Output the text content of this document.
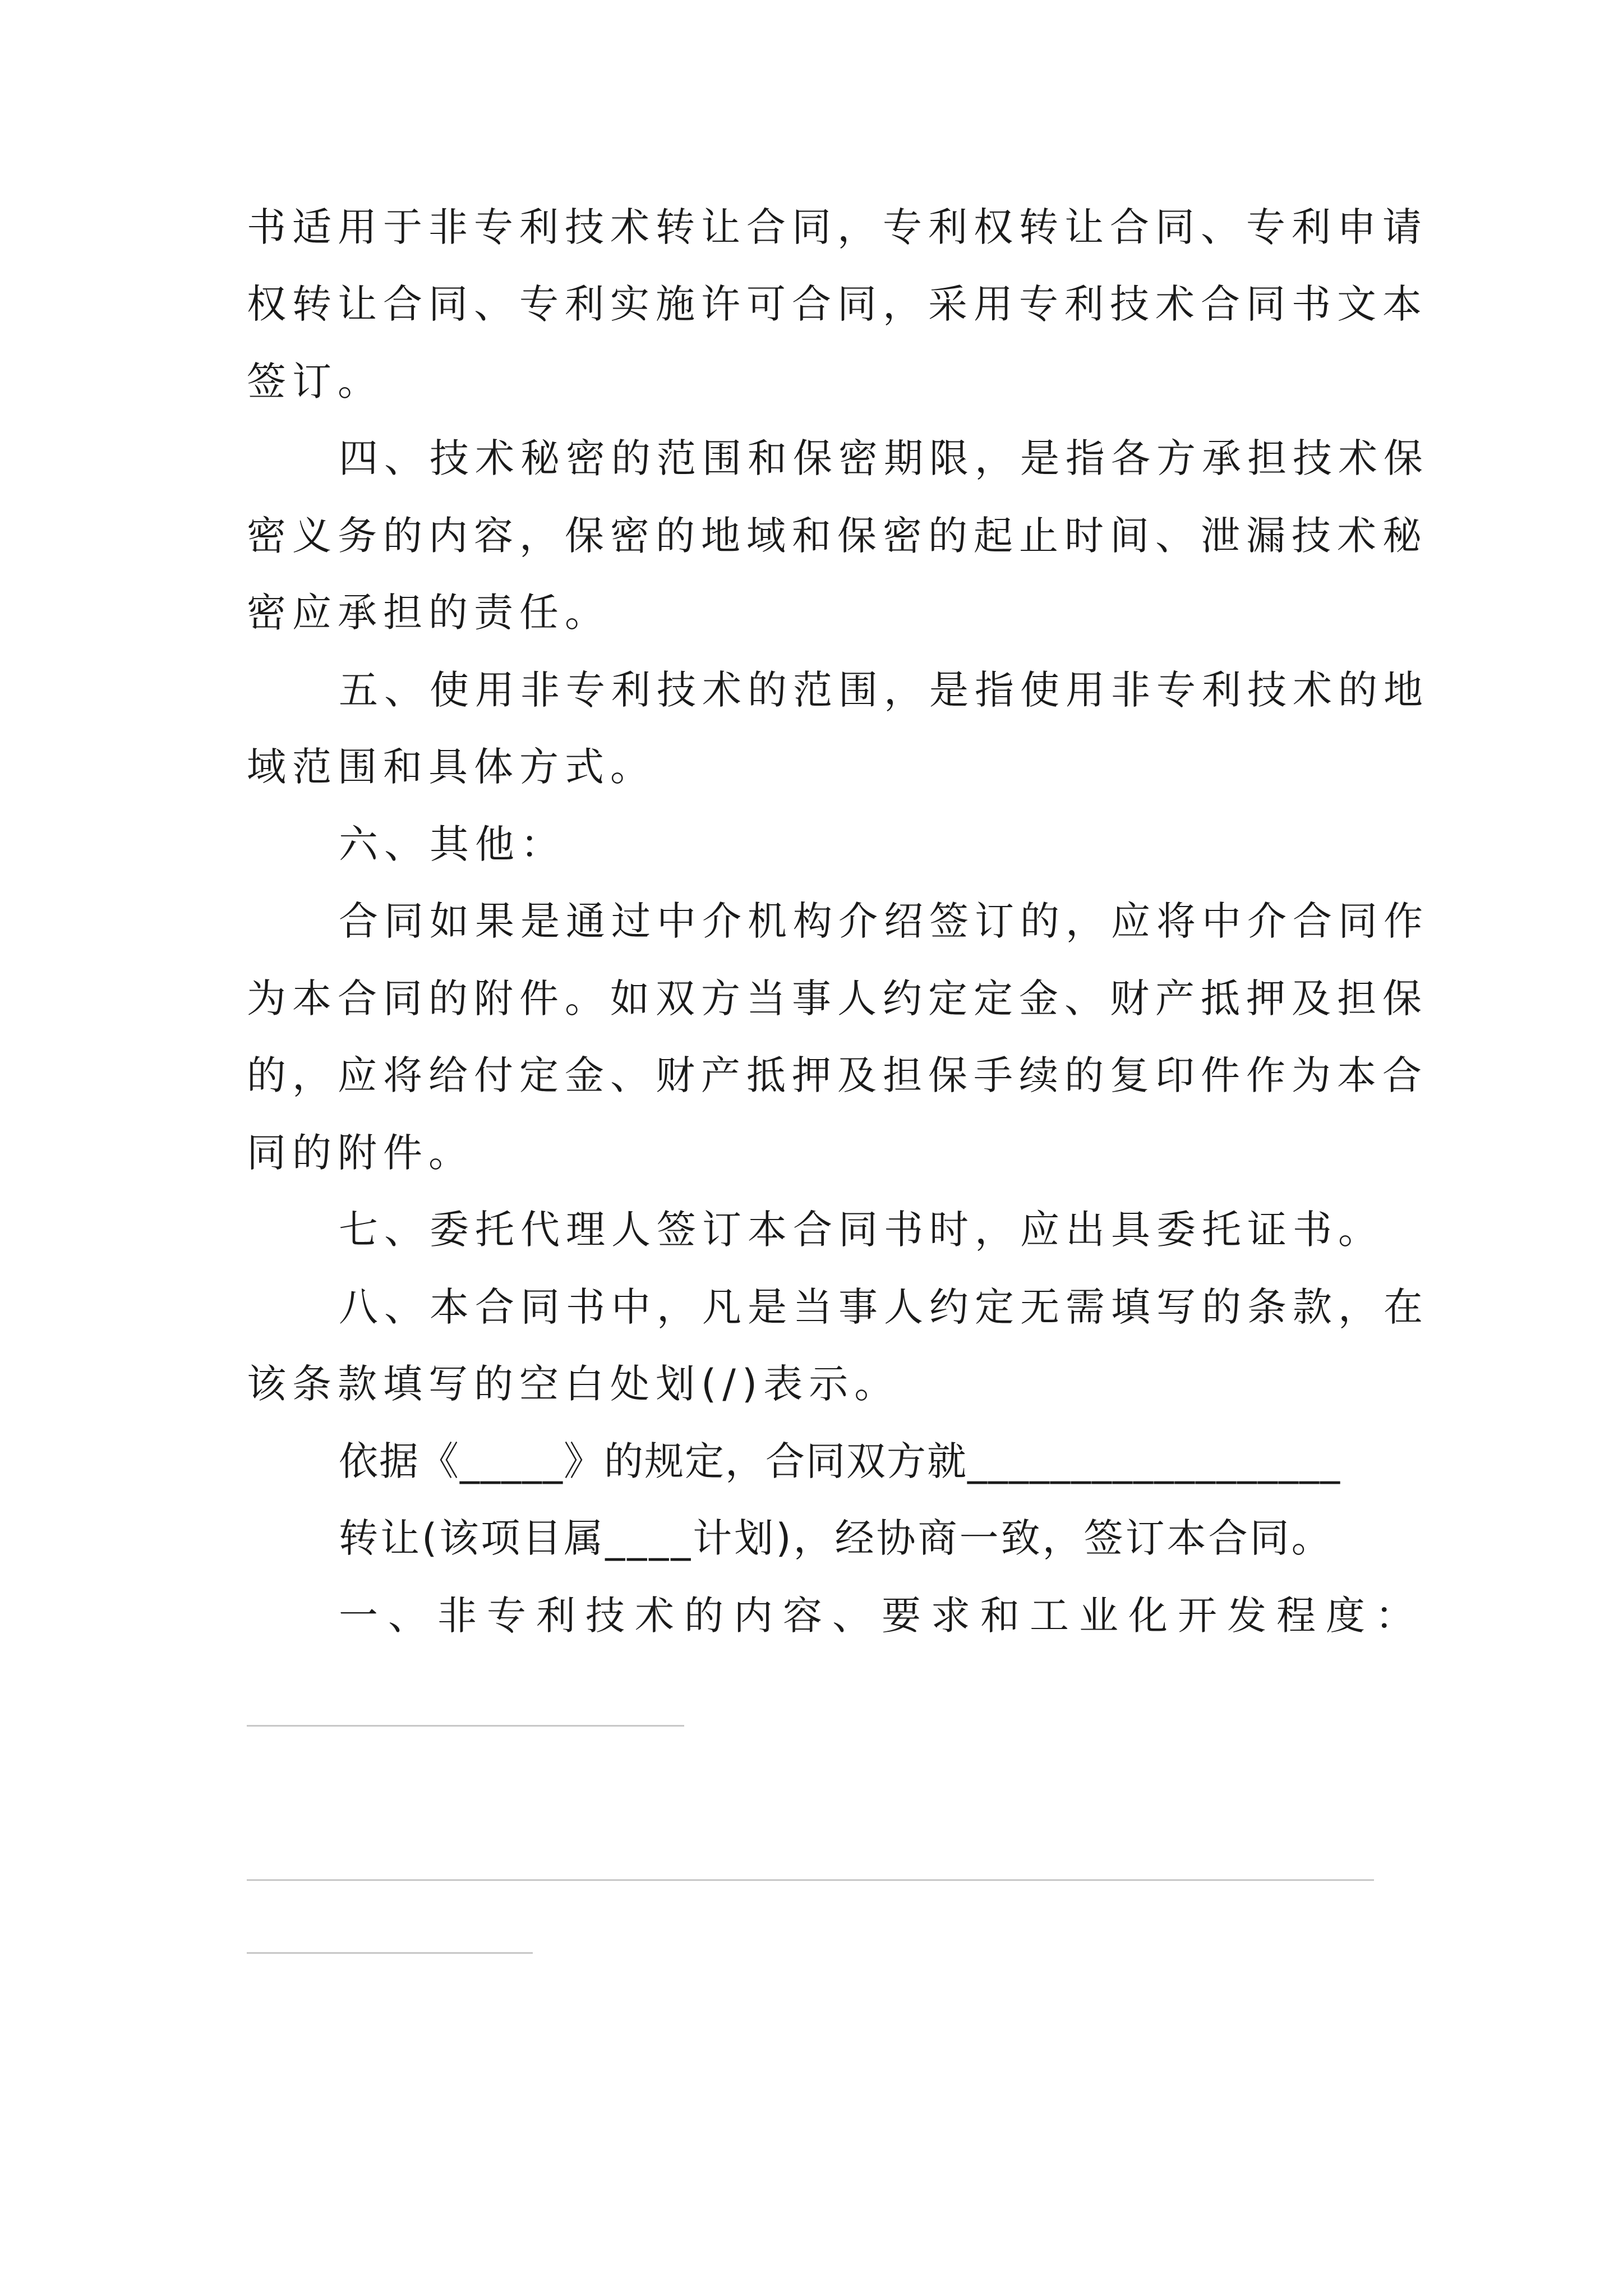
书适用于非专利技术转让合同，专利权转让合同、专利申请

权转让合同、专利实施许可合同，采用专利技术合同书文本

签订。

四、技术秘密的范围和保密期限，是指各方承担技术保

密义务的内容，保密的地域和保密的起止时间、泄漏技术秘

密应承担的责任。

五、使用非专利技术的范围，是指使用非专利技术的地

域范围和具体方式。

六、其他：

合同如果是通过中介机构介绍签订的，应将中介合同作

为本合同的附件。如双方当事人约定定金、财产抵押及担保

的，应将给付定金、财产抵押及担保手续的复印件作为本合

同的附件。

七、委托代理人签订本合同书时，应出具委托证书。

八、本合同书中，凡是当事人约定无需填写的条款，在

该条款填写的空白处划(/)表示。

依据《_____》的规定，合同双方就__________________

转让(该项目属____计划)，经协商一致，签订本合同。

一、非专利技术的内容、要求和工业化开发程度：
